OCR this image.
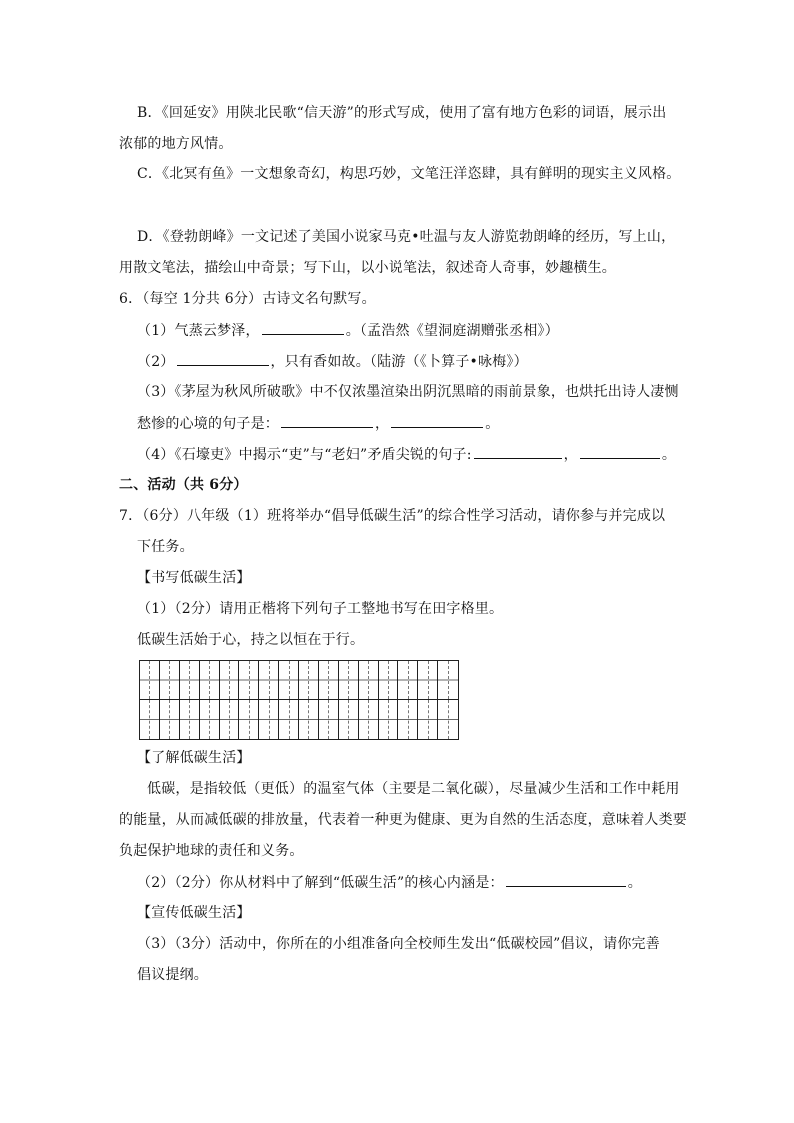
B．《回延安》用陕北民歌“信天游”的形式写成，使用了富有地方色彩的词语，展示出
浓郁的地方风情。
C．《北冥有鱼》一文想象奇幻，构思巧妙，文笔汪洋恣肆，具有鲜明的现实主义风格。
D．《登勃朗峰》一文记述了美国小说家马克•吐温与友人游览勃朗峰的经历，写上山，
用散文笔法，描绘山中奇景；写下山，以小说笔法，叙述奇人奇事，妙趣横生。
6．（每空 1分共 6分）古诗文名句默写。
（1）气蒸云梦泽，	。（孟浩然《望洞庭湖赠张丞相》）
（2）	，只有香如故。（陆游（《卜算子•咏梅》）
（3）《茅屋为秋风所破歌》中不仅浓墨渲染出阴沉黑暗的雨前景象，也烘托出诗人凄恻
愁惨的心境的句子是：	，	。
（4）《石壕吏》中揭示“吏”与“老妇”矛盾尖锐的句子:	，	。
二、活动（共 6分）
7．（6分）八年级（1）班将举办“倡导低碳生活”的综合性学习活动，请你参与并完成以
下任务。
【书写低碳生活】
（1）（2分）请用正楷将下列句子工整地书写在田字格里。
低碳生活始于心，持之以恒在于行。
【了解低碳生活】
低碳，是指较低（更低）的温室气体（主要是二氧化碳），尽量减少生活和工作中耗用
的能量，从而减低碳的排放量，代表着一种更为健康、更为自然的生活态度，意味着人类要
负起保护地球的责任和义务。
（2）（2分）你从材料中了解到“低碳生活”的核心内涵是：	。
【宣传低碳生活】
（3）（3分）活动中，你所在的小组准备向全校师生发出“低碳校园”倡议，请你完善
倡议提纲。
